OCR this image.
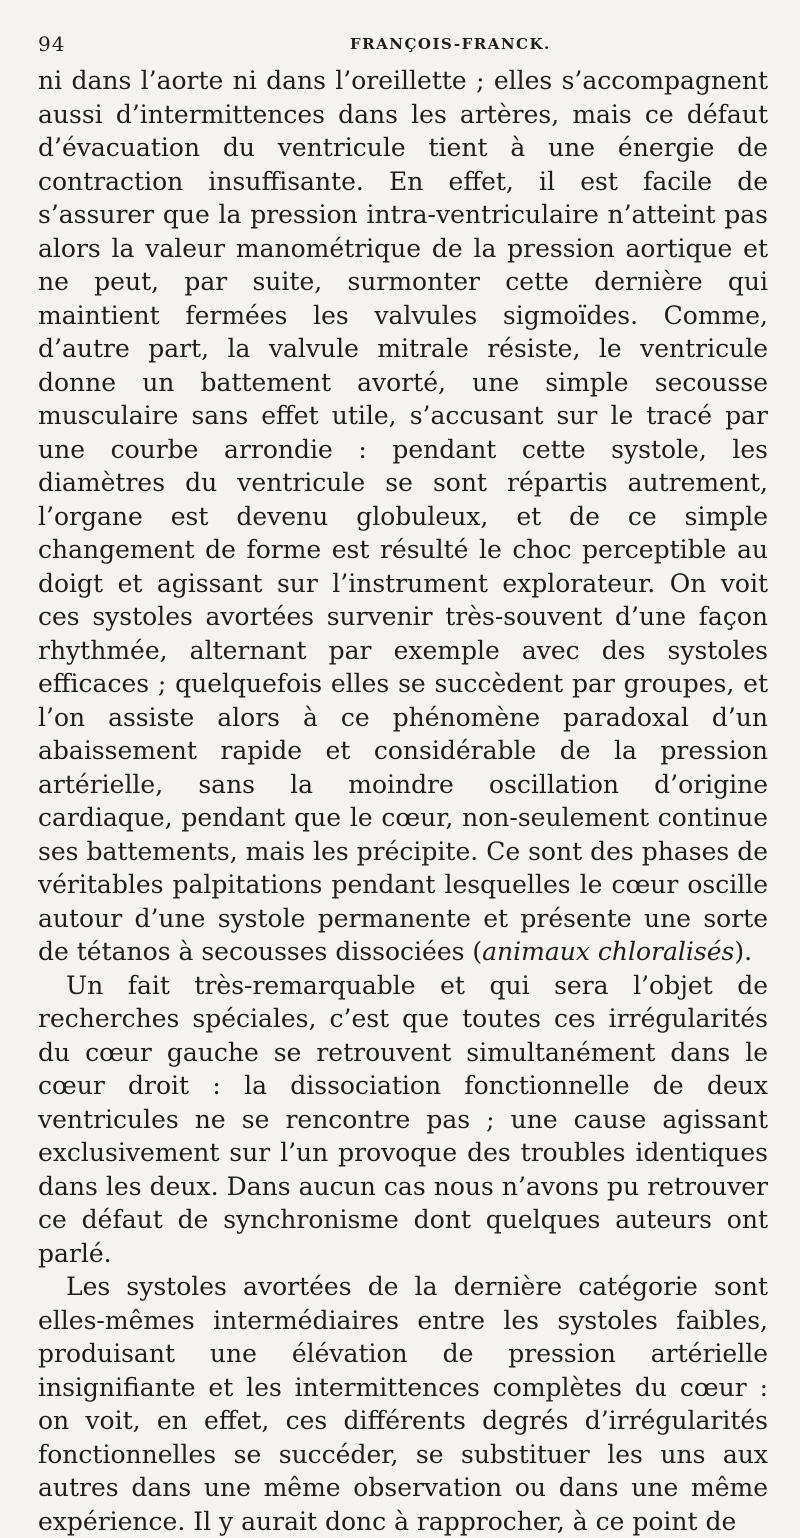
94	FRANÇOIS-FRANCK.

ni dans l’aorte ni dans l’oreillette ; elles s’accompagnent aussi d’intermittences dans les artères, mais ce défaut d’évacuation du ventricule tient à une énergie de contraction insuffisante. En effet, il est facile de s’assurer que la pression intra-ventriculaire n’atteint pas alors la valeur manométrique de la pression aortique et ne peut, par suite, surmonter cette dernière qui maintient fermées les valvules sigmoïdes. Comme, d’autre part, la valvule mitrale résiste, le ventricule donne un battement avorté, une simple secousse musculaire sans effet utile, s’accusant sur le tracé par une courbe arrondie : pendant cette systole, les diamètres du ventricule se sont répartis autrement, l’organe est devenu globuleux, et de ce simple changement de forme est résulté le choc perceptible au doigt et agissant sur l’instrument explorateur. On voit ces systoles avortées survenir très-souvent d’une façon rhythmée, alternant par exemple avec des systoles efficaces ; quelquefois elles se succèdent par groupes, et l’on assiste alors à ce phénomène paradoxal d’un abaissement rapide et considérable de la pression artérielle, sans la moindre oscillation d’origine cardiaque, pendant que le cœur, non-seulement continue ses battements, mais les précipite. Ce sont des phases de véritables palpitations pendant lesquelles le cœur oscille autour d’une systole permanente et présente une sorte de tétanos à secousses dissociées (animaux chloralisés).

Un fait très-remarquable et qui sera l’objet de recherches spéciales, c’est que toutes ces irrégularités du cœur gauche se retrouvent simultanément dans le cœur droit : la dissociation fonctionnelle de deux ventricules ne se rencontre pas ; une cause agissant exclusivement sur l’un provoque des troubles identiques dans les deux. Dans aucun cas nous n’avons pu retrouver ce défaut de synchronisme dont quelques auteurs ont parlé.

Les systoles avortées de la dernière catégorie sont elles-mêmes intermédiaires entre les systoles faibles, produisant une élévation de pression artérielle insignifiante et les intermittences complètes du cœur : on voit, en effet, ces différents degrés d’irrégularités fonctionnelles se succéder, se substituer les uns aux autres dans une même observation ou dans une même expérience. Il y aurait donc à rapprocher, à ce point de
